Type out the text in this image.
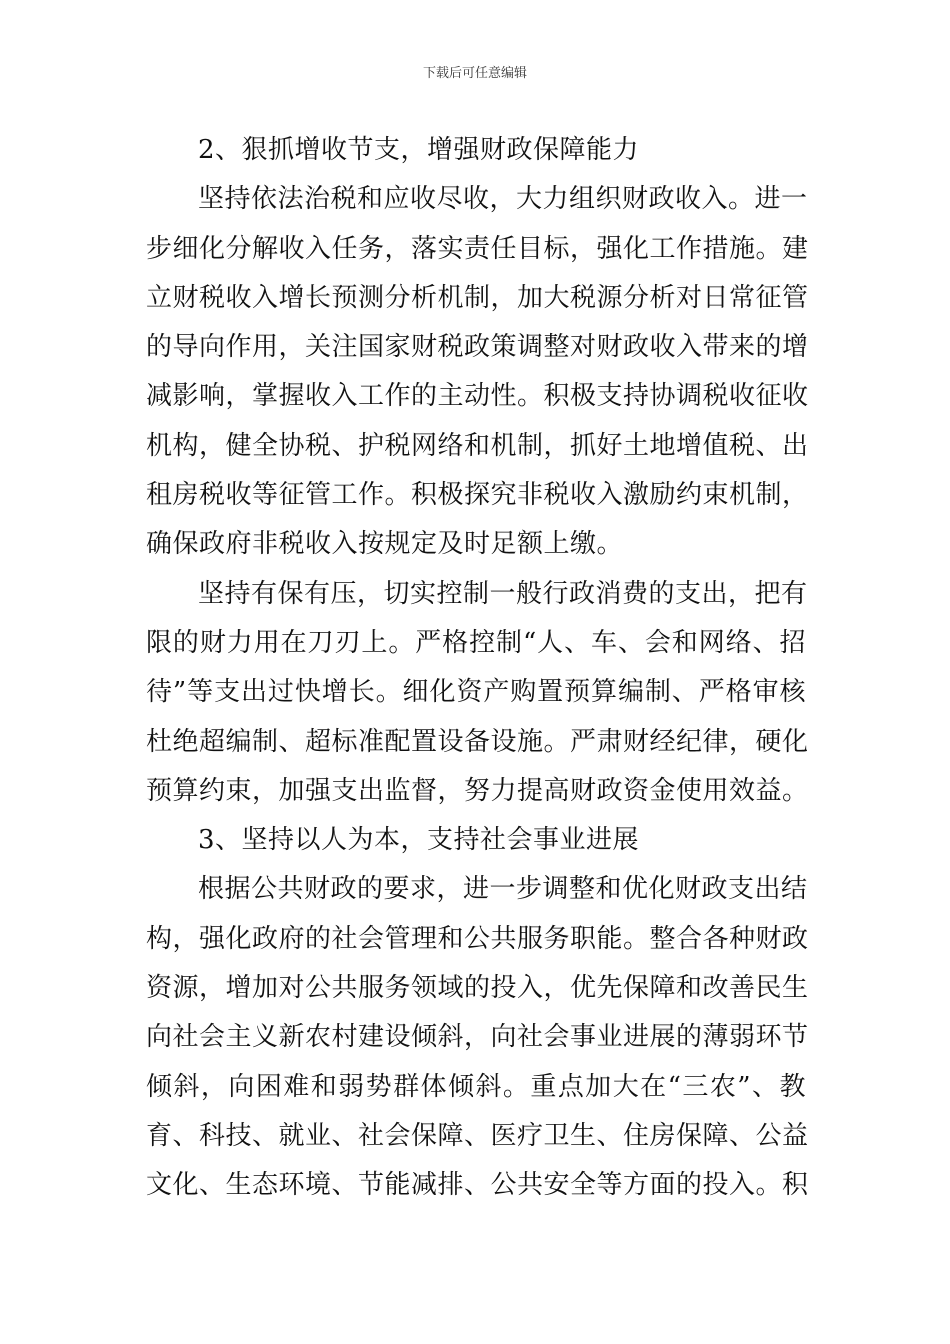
下载后可任意编辑
2、狠抓增收节支，增强财政保障能力
坚持依法治税和应收尽收，大力组织财政收入。进一
步细化分解收入任务，落实责任目标，强化工作措施。建
立财税收入增长预测分析机制，加大税源分析对日常征管
的导向作用，关注国家财税政策调整对财政收入带来的增
减影响，掌握收入工作的主动性。积极支持协调税收征收
机构，健全协税、护税网络和机制，抓好土地增值税、出
租房税收等征管工作。积极探究非税收入激励约束机制，
确保政府非税收入按规定及时足额上缴。
坚持有保有压，切实控制一般行政消费的支出，把有
限的财力用在刀刃上。严格控制“人、车、会和网络、招
待”等支出过快增长。细化资产购置预算编制、严格审核
杜绝超编制、超标准配置设备设施。严肃财经纪律，硬化
预算约束，加强支出监督，努力提高财政资金使用效益。
3、坚持以人为本，支持社会事业进展
根据公共财政的要求，进一步调整和优化财政支出结
构，强化政府的社会管理和公共服务职能。整合各种财政
资源，增加对公共服务领域的投入，优先保障和改善民生
向社会主义新农村建设倾斜，向社会事业进展的薄弱环节
倾斜，向困难和弱势群体倾斜。重点加大在“三农”、教
育、科技、就业、社会保障、医疗卫生、住房保障、公益
文化、生态环境、节能减排、公共安全等方面的投入。积
